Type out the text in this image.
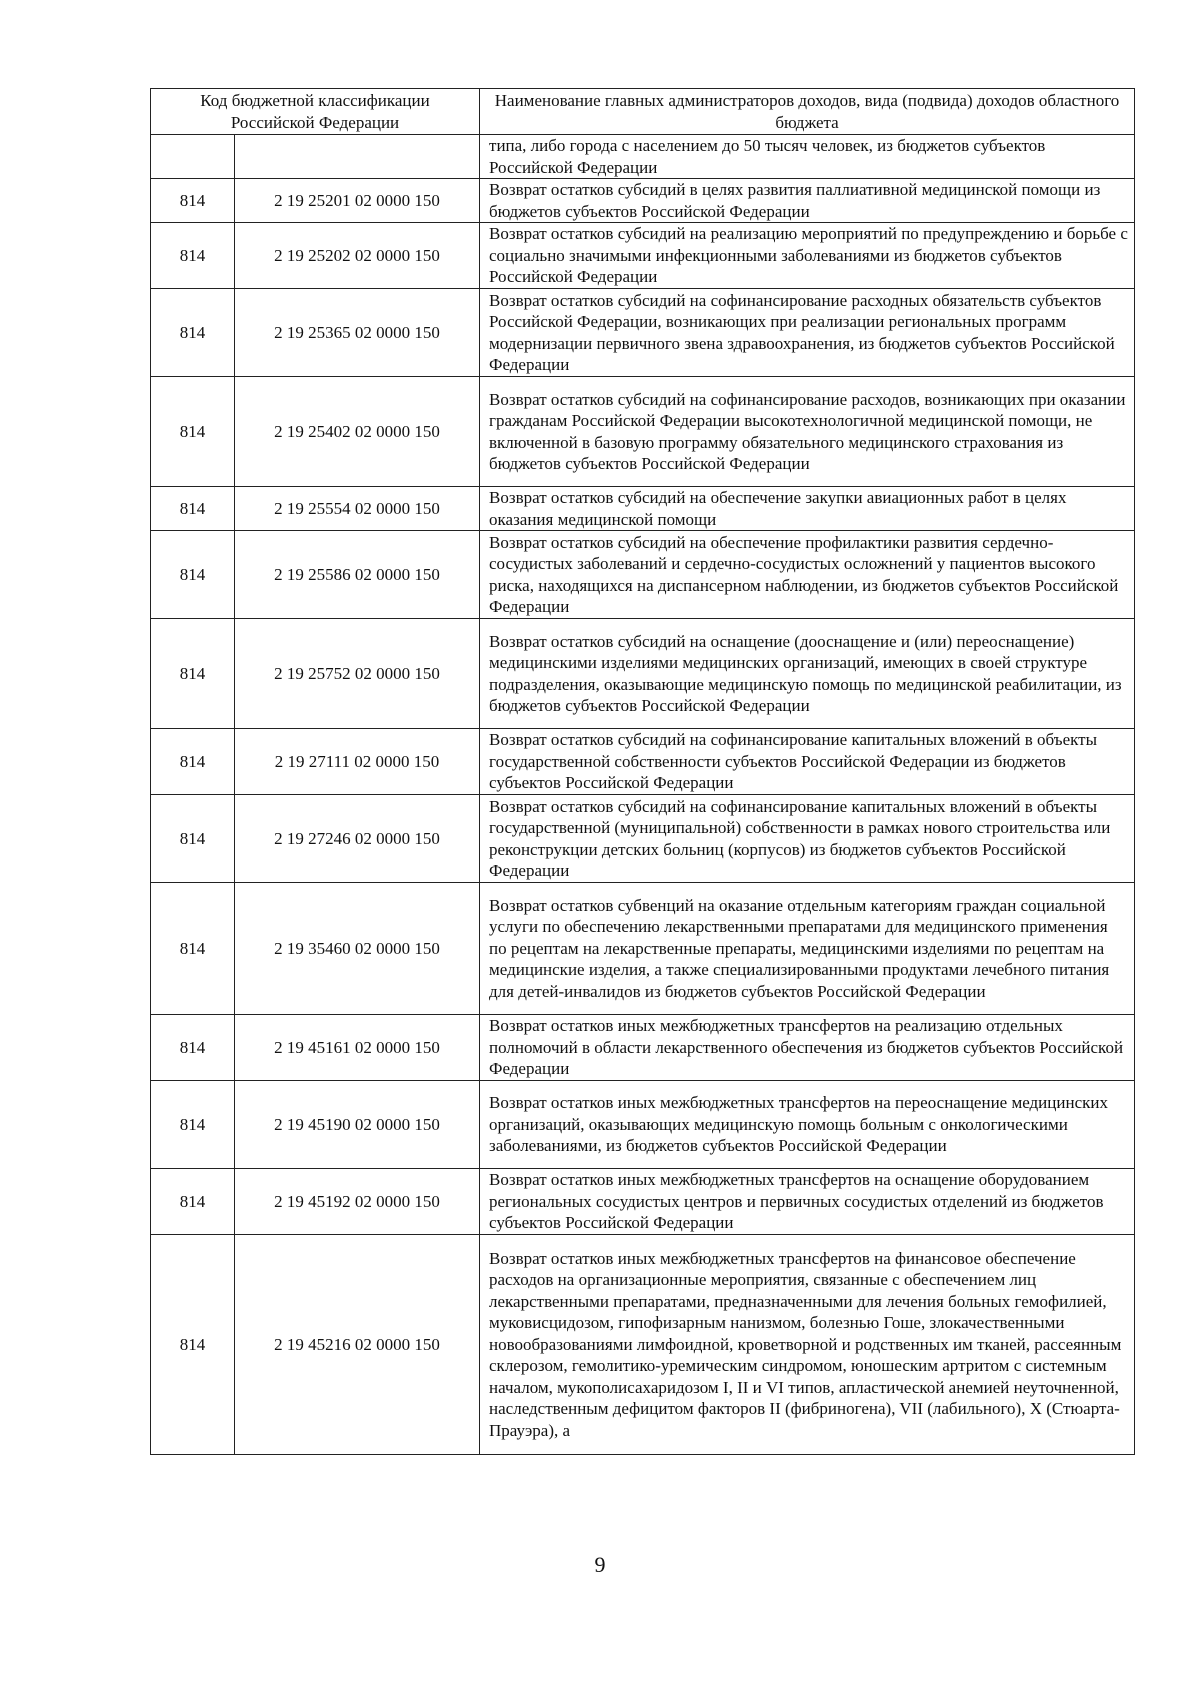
Код бюджетной классификации Российской Федерации		Наименование главных администраторов доходов, вида (подвида) доходов областного бюджета
		типа, либо города с населением до 50 тысяч человек, из бюджетов субъектов Российской Федерации
814	2 19 25201 02 0000 150	Возврат остатков субсидий в целях развития паллиативной медицинской помощи из бюджетов субъектов Российской Федерации
814	2 19 25202 02 0000 150	Возврат остатков субсидий на реализацию мероприятий по предупреждению и борьбе с социально значимыми инфекционными заболеваниями из бюджетов субъектов Российской Федерации
814	2 19 25365 02 0000 150	Возврат остатков субсидий на софинансирование расходных обязательств субъектов Российской Федерации, возникающих при реализации региональных программ модернизации первичного звена здравоохранения, из бюджетов субъектов Российской Федерации
814	2 19 25402 02 0000 150	Возврат остатков субсидий на софинансирование расходов, возникающих при оказании гражданам Российской Федерации высокотехнологичной медицинской помощи, не включенной в базовую программу обязательного медицинского страхования из бюджетов субъектов Российской Федерации
814	2 19 25554 02 0000 150	Возврат остатков субсидий на обеспечение закупки авиационных работ в целях оказания медицинской помощи
814	2 19 25586 02 0000 150	Возврат остатков субсидий на обеспечение профилактики развития сердечно-сосудистых заболеваний и сердечно-сосудистых осложнений у пациентов высокого риска, находящихся на диспансерном наблюдении, из бюджетов субъектов Российской Федерации
814	2 19 25752 02 0000 150	Возврат остатков субсидий на оснащение (дооснащение и (или) переоснащение) медицинскими изделиями медицинских организаций, имеющих в своей структуре подразделения, оказывающие медицинскую помощь по медицинской реабилитации, из бюджетов субъектов Российской Федерации
814	2 19 27111 02 0000 150	Возврат остатков субсидий на софинансирование капитальных вложений в объекты государственной собственности субъектов Российской Федерации из бюджетов субъектов Российской Федерации
814	2 19 27246 02 0000 150	Возврат остатков субсидий на софинансирование капитальных вложений в объекты государственной (муниципальной) собственности в рамках нового строительства или реконструкции детских больниц (корпусов) из бюджетов субъектов Российской Федерации
814	2 19 35460 02 0000 150	Возврат остатков субвенций на оказание отдельным категориям граждан социальной услуги по обеспечению лекарственными препаратами для медицинского применения по рецептам на лекарственные препараты, медицинскими изделиями по рецептам на медицинские изделия, а также специализированными продуктами лечебного питания для детей-инвалидов из бюджетов субъектов Российской Федерации
814	2 19 45161 02 0000 150	Возврат остатков иных межбюджетных трансфертов на реализацию отдельных полномочий в области лекарственного обеспечения из бюджетов субъектов Российской Федерации
814	2 19 45190 02 0000 150	Возврат остатков иных межбюджетных трансфертов на переоснащение медицинских организаций, оказывающих медицинскую помощь больным с онкологическими заболеваниями, из бюджетов субъектов Российской Федерации
814	2 19 45192 02 0000 150	Возврат остатков иных межбюджетных трансфертов на оснащение оборудованием региональных сосудистых центров и первичных сосудистых отделений из бюджетов субъектов Российской Федерации
814	2 19 45216 02 0000 150	Возврат остатков иных межбюджетных трансфертов на финансовое обеспечение расходов на организационные мероприятия, связанные с обеспечением лиц лекарственными препаратами, предназначенными для лечения больных гемофилией, муковисцидозом, гипофизарным нанизмом, болезнью Гоше, злокачественными новообразованиями лимфоидной, кроветворной и родственных им тканей, рассеянным склерозом, гемолитико-уремическим синдромом, юношеским артритом с системным началом, мукополисахаридозом I, II и VI типов, апластической анемией неуточненной, наследственным дефицитом факторов II (фибриногена), VII (лабильного), X (Стюарта-Прауэра), а
9
